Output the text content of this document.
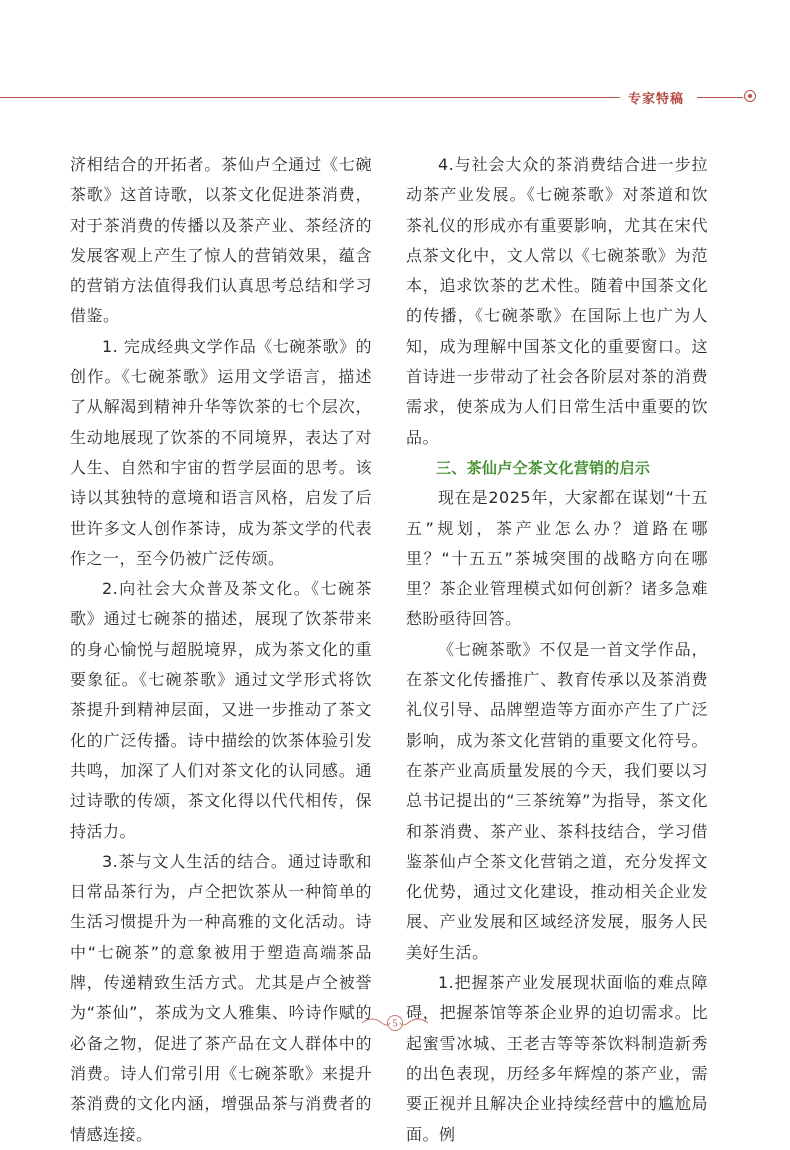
专家特稿

济相结合的开拓者。茶仙卢仝通过《七碗茶歌》这首诗歌，以茶文化促进茶消费，对于茶消费的传播以及茶产业、茶经济的发展客观上产生了惊人的营销效果，蕴含的营销方法值得我们认真思考总结和学习借鉴。

1. 完成经典文学作品《七碗茶歌》的创作。《七碗茶歌》运用文学语言，描述了从解渴到精神升华等饮茶的七个层次，生动地展现了饮茶的不同境界，表达了对人生、自然和宇宙的哲学层面的思考。该诗以其独特的意境和语言风格，启发了后世许多文人创作茶诗，成为茶文学的代表作之一，至今仍被广泛传颂。

2.向社会大众普及茶文化。《七碗茶歌》通过七碗茶的描述，展现了饮茶带来的身心愉悦与超脱境界，成为茶文化的重要象征。《七碗茶歌》通过文学形式将饮茶提升到精神层面，又进一步推动了茶文化的广泛传播。诗中描绘的饮茶体验引发共鸣，加深了人们对茶文化的认同感。通过诗歌的传颂，茶文化得以代代相传，保持活力。

3.茶与文人生活的结合。通过诗歌和日常品茶行为，卢仝把饮茶从一种简单的生活习惯提升为一种高雅的文化活动。诗中“七碗茶”的意象被用于塑造高端茶品牌，传递精致生活方式。尤其是卢仝被誉为“茶仙”，茶成为文人雅集、吟诗作赋的必备之物，促进了茶产品在文人群体中的消费。诗人们常引用《七碗茶歌》来提升茶消费的文化内涵，增强品茶与消费者的情感连接。

4.与社会大众的茶消费结合进一步拉动茶产业发展。《七碗茶歌》对茶道和饮茶礼仪的形成亦有重要影响，尤其在宋代点茶文化中，文人常以《七碗茶歌》为范本，追求饮茶的艺术性。随着中国茶文化的传播，《七碗茶歌》在国际上也广为人知，成为理解中国茶文化的重要窗口。这首诗进一步带动了社会各阶层对茶的消费需求，使茶成为人们日常生活中重要的饮品。

三、茶仙卢仝茶文化营销的启示

现在是2025年，大家都在谋划“十五五”规划，茶产业怎么办？道路在哪里？“十五五”茶城突围的战略方向在哪里？茶企业管理模式如何创新？诸多急难愁盼亟待回答。

《七碗茶歌》不仅是一首文学作品，在茶文化传播推广、教育传承以及茶消费礼仪引导、品牌塑造等方面亦产生了广泛影响，成为茶文化营销的重要文化符号。在茶产业高质量发展的今天，我们要以习总书记提出的“三茶统筹”为指导，茶文化和茶消费、茶产业、茶科技结合，学习借鉴茶仙卢仝茶文化营销之道，充分发挥文化优势，通过文化建设，推动相关企业发展、产业发展和区域经济发展，服务人民美好生活。

1.把握茶产业发展现状面临的难点障碍，把握茶馆等茶企业界的迫切需求。比起蜜雪冰城、王老吉等等茶饮料制造新秀的出色表现，历经多年辉煌的茶产业，需要正视并且解决企业持续经营中的尴尬局面。例

5
